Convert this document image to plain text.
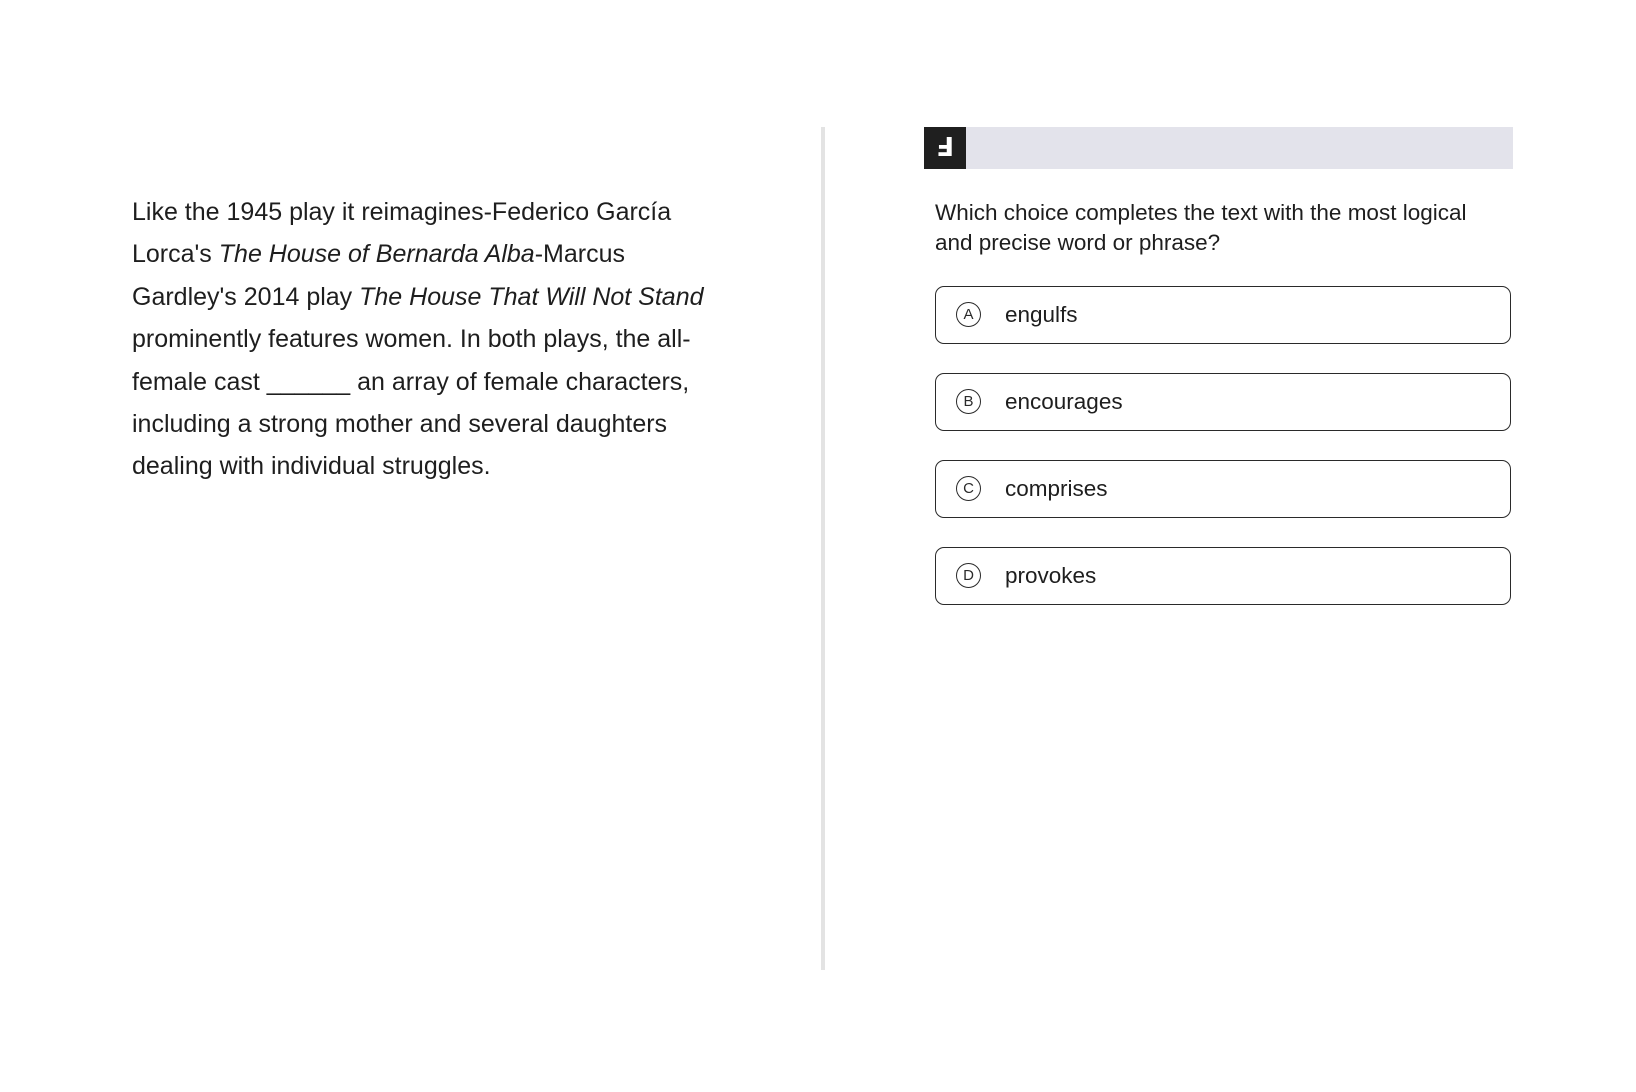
Like the 1945 play it reimagines-Federico García Lorca's The House of Bernarda Alba-Marcus Gardley's 2014 play The House That Will Not Stand prominently features women. In both plays, the all-female cast ______ an array of female characters, including a strong mother and several daughters dealing with individual struggles.

Ⅎ

Which choice completes the text with the most logical and precise word or phrase?

A	engulfs
B	encourages
C	comprises
D	provokes
